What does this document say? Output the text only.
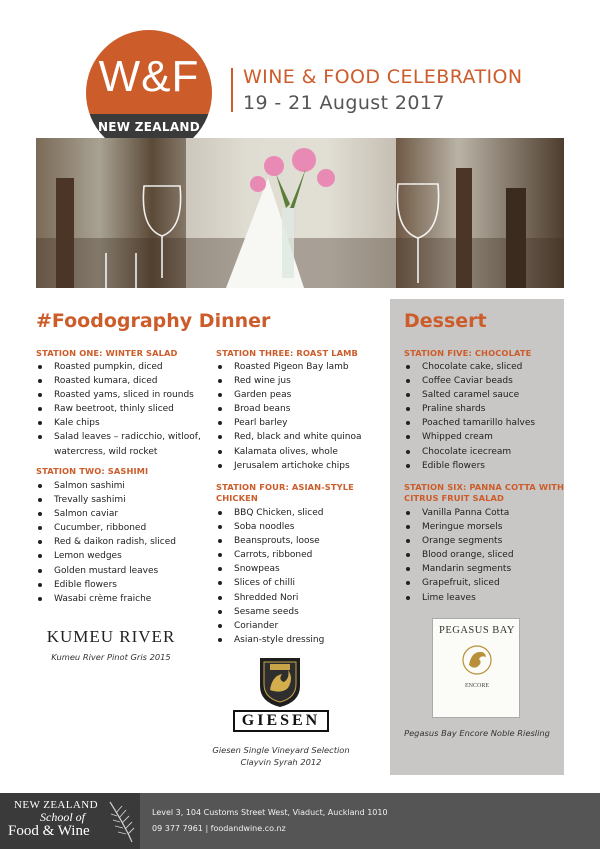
W&F
NEW ZEALAND
WINE & FOOD CELEBRATION
19 - 21 August 2017
#Foodography Dinner
STATION ONE: WINTER SALAD
Roasted pumpkin, diced
Roasted kumara, diced
Roasted yams, sliced in rounds
Raw beetroot, thinly sliced
Kale chips
Salad leaves – radicchio, witloof,
watercress, wild rocket
STATION TWO: SASHIMI
Salmon sashimi
Trevally sashimi
Salmon caviar
Cucumber, ribboned
Red & daikon radish, sliced
Lemon wedges
Golden mustard leaves
Edible flowers
Wasabi crème fraiche
STATION THREE: ROAST LAMB
Roasted Pigeon Bay lamb
Red wine jus
Garden peas
Broad beans
Pearl barley
Red, black and white quinoa
Kalamata olives, whole
Jerusalem artichoke chips
STATION FOUR: ASIAN-STYLE
CHICKEN
BBQ Chicken, sliced
Soba noodles
Beansprouts, loose
Carrots, ribboned
Snowpeas
Slices of chilli
Shredded Nori
Sesame seeds
Coriander
Asian-style dressing
Dessert
STATION FIVE: CHOCOLATE
Chocolate cake, sliced
Coffee Caviar beads
Salted caramel sauce
Praline shards
Poached tamarillo halves
Whipped cream
Chocolate icecream
Edible flowers
STATION SIX: PANNA COTTA WITH
CITRUS FRUIT SALAD
Vanilla Panna Cotta
Meringue morsels
Orange segments
Blood orange, sliced
Mandarin segments
Grapefruit, sliced
Lime leaves
KUMEU RIVER
Kumeu River Pinot Gris 2015
GIESEN
Giesen Single Vineyard Selection
Clayvin Syrah 2012
PEGASUS BAY
ENCORE
Pegasus Bay Encore Noble Riesling
NEW ZEALAND
School of
Food & Wine
Level 3, 104 Customs Street West, Viaduct, Auckland 1010
09 377 7961 | foodandwine.co.nz
